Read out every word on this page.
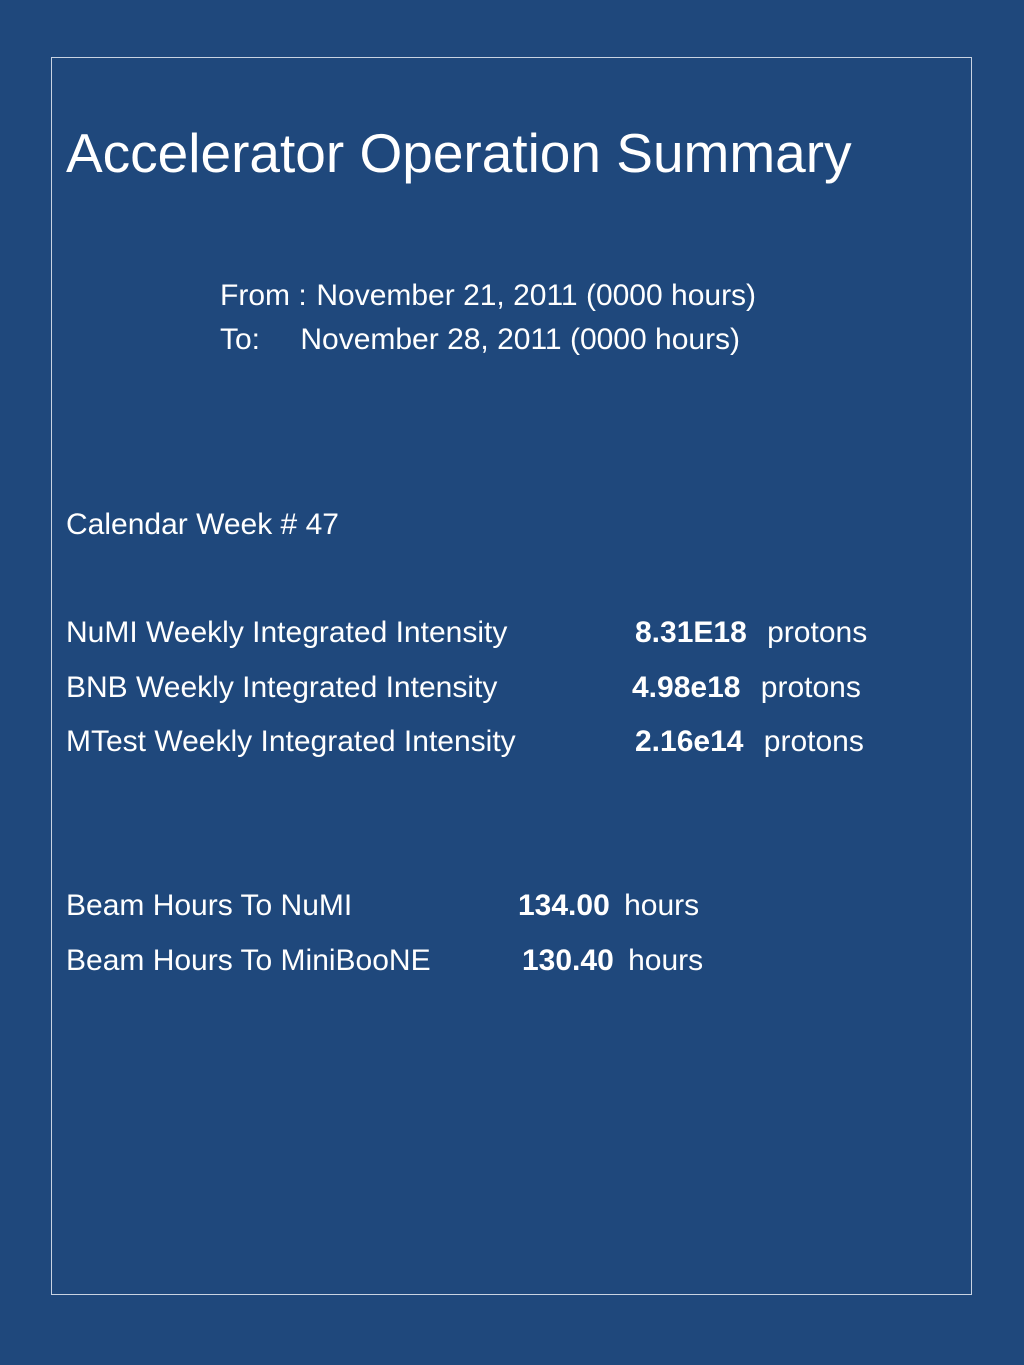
Accelerator Operation Summary
From : November 21, 2011 (0000 hours)
To: November 28, 2011 (0000 hours)
Calendar Week # 47
NuMI Weekly Integrated Intensity	8.31E18 protons
BNB Weekly Integrated Intensity	4.98e18 protons
MTest Weekly Integrated Intensity	2.16e14 protons
Beam Hours To NuMI	134.00 hours
Beam Hours To MiniBooNE	130.40 hours
